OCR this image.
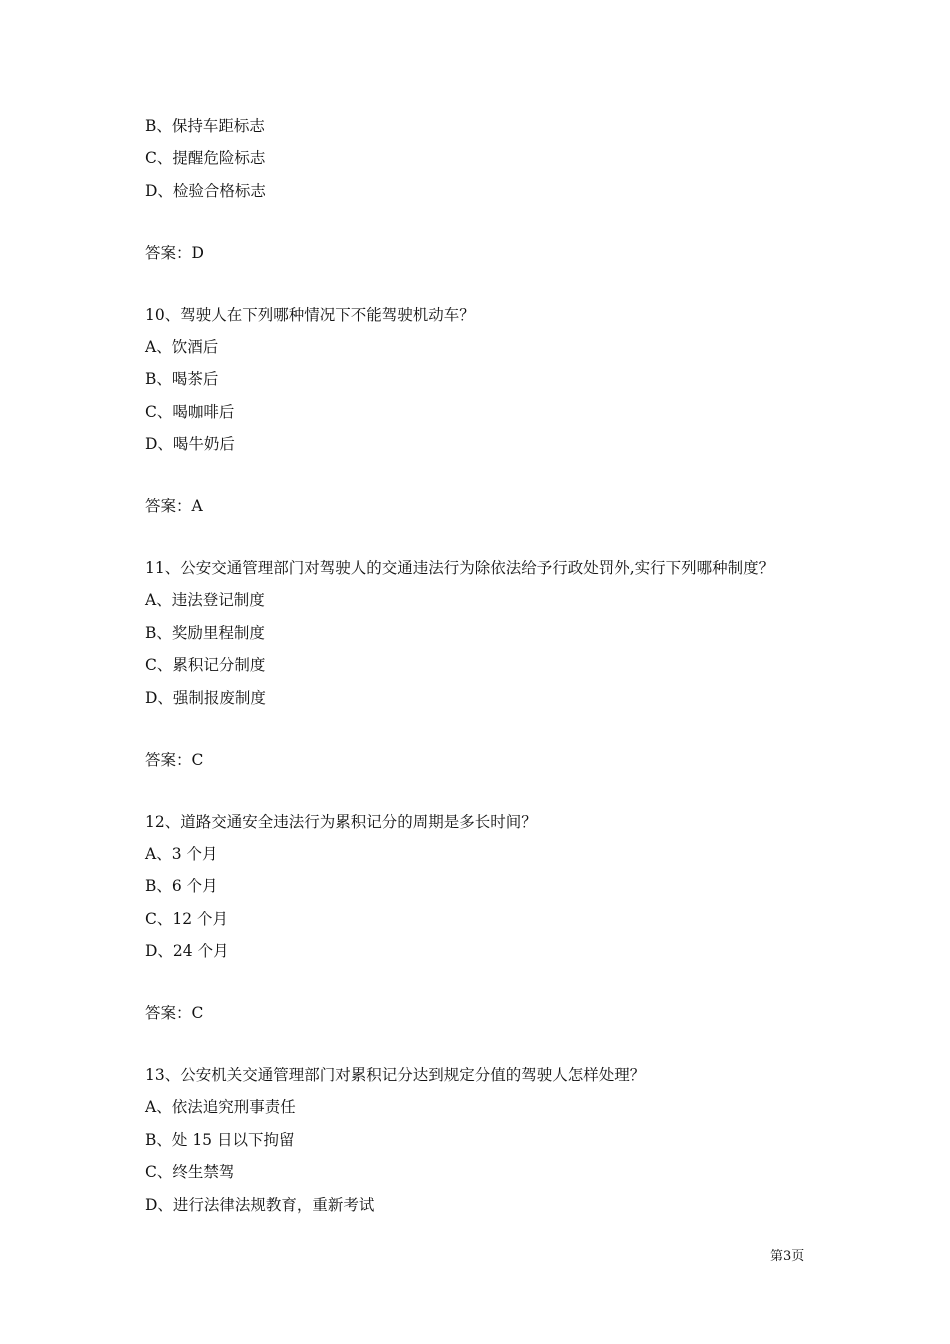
B、保持车距标志
C、提醒危险标志
D、检验合格标志
答案：D
10、驾驶人在下列哪种情况下不能驾驶机动车？
A、饮酒后
B、喝茶后
C、喝咖啡后
D、喝牛奶后
答案：A
11、公安交通管理部门对驾驶人的交通违法行为除依法给予行政处罚外,实行下列哪种制度？
A、违法登记制度
B、奖励里程制度
C、累积记分制度
D、强制报废制度
答案：C
12、道路交通安全违法行为累积记分的周期是多长时间？
A、3 个月
B、6 个月
C、12 个月
D、24 个月
答案：C
13、公安机关交通管理部门对累积记分达到规定分值的驾驶人怎样处理？
A、依法追究刑事责任
B、处 15 日以下拘留
C、终生禁驾
D、进行法律法规教育，重新考试
第3页
